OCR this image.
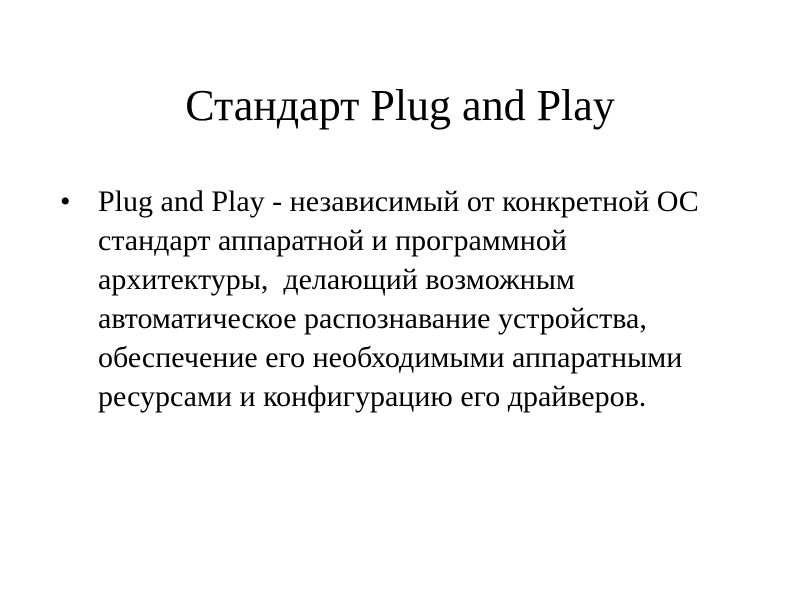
Стандарт Plug and Play
• Plug and Play - независимый от конкретной ОС стандарт аппаратной и программной архитектуры,  делающий возможным автоматическое распознавание устройства, обеспечение его необходимыми аппаратными ресурсами и конфигурацию его драйверов.
